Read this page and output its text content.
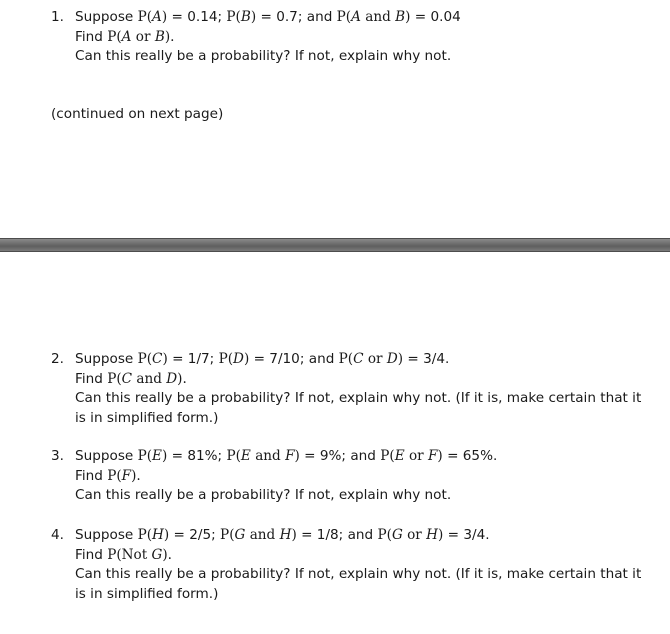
1. Suppose P(A) = 0.14; P(B) = 0.7; and P(A and B) = 0.04
Find P(A or B).
Can this really be a probability? If not, explain why not.
(continued on next page)
2. Suppose P(C) = 1/7; P(D) = 7/10; and P(C or D) = 3/4.
Find P(C and D).
Can this really be a probability? If not, explain why not. (If it is, make certain that it is in simplified form.)
3. Suppose P(E) = 81%; P(E and F) = 9%; and P(E or F) = 65%.
Find P(F).
Can this really be a probability? If not, explain why not.
4. Suppose P(H) = 2/5; P(G and H) = 1/8; and P(G or H) = 3/4.
Find P(Not G).
Can this really be a probability? If not, explain why not. (If it is, make certain that it is in simplified form.)
